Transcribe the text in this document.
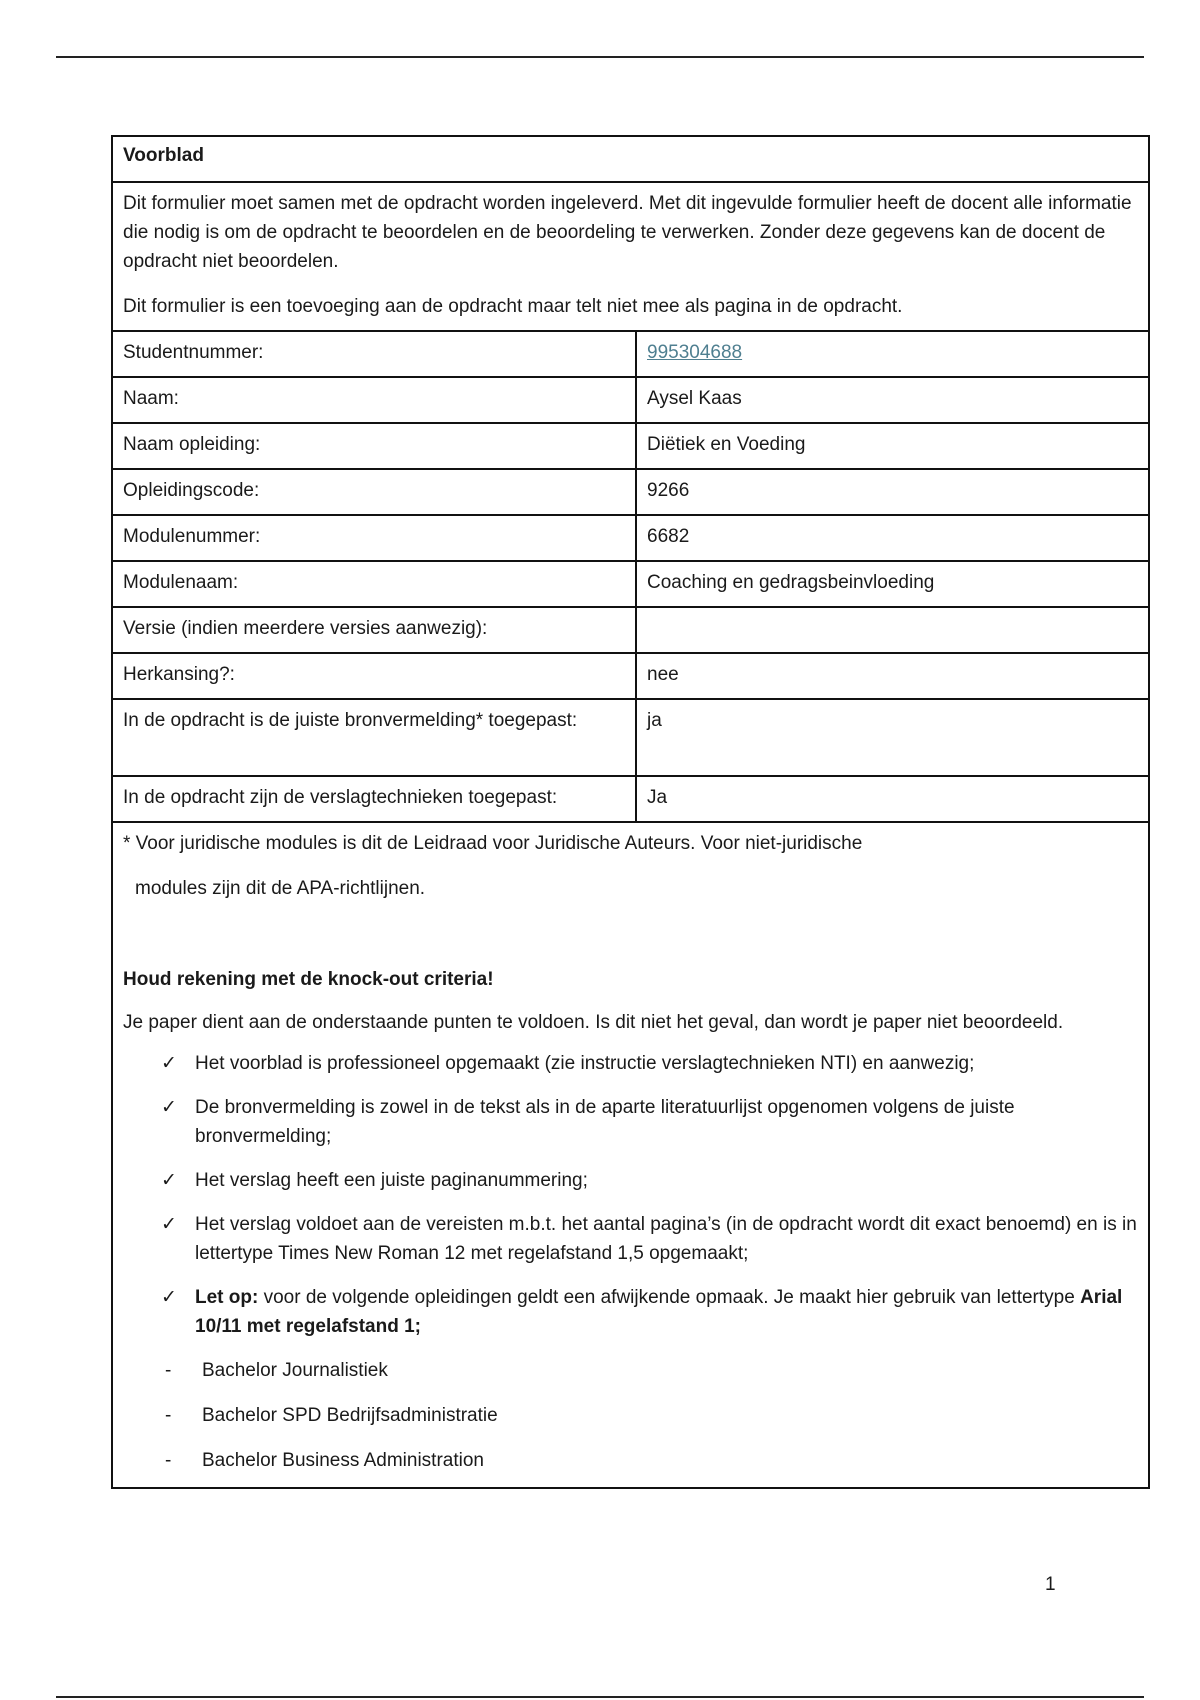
Voorblad

Dit formulier moet samen met de opdracht worden ingeleverd. Met dit ingevulde formulier heeft de docent alle informatie die nodig is om de opdracht te beoordelen en de beoordeling te verwerken. Zonder deze gegevens kan de docent de opdracht niet beoordelen.

Dit formulier is een toevoeging aan de opdracht maar telt niet mee als pagina in de opdracht.

Studentnummer:	995304688
Naam:	Aysel Kaas
Naam opleiding:	Diëtiek en Voeding
Opleidingscode:	9266
Modulenummer:	6682
Modulenaam:	Coaching en gedragsbeinvloeding
Versie (indien meerdere versies aanwezig):
Herkansing?:	nee
In de opdracht is de juiste bronvermelding* toegepast:	ja
In de opdracht zijn de verslagtechnieken toegepast:	Ja

* Voor juridische modules is dit de Leidraad voor Juridische Auteurs. Voor niet-juridische

modules zijn dit de APA-richtlijnen.

Houd rekening met de knock-out criteria!

Je paper dient aan de onderstaande punten te voldoen. Is dit niet het geval, dan wordt je paper niet beoordeeld.

✓ Het voorblad is professioneel opgemaakt (zie instructie verslagtechnieken NTI) en aanwezig;
✓ De bronvermelding is zowel in de tekst als in de aparte literatuurlijst opgenomen volgens de juiste bronvermelding;
✓ Het verslag heeft een juiste paginanummering;
✓ Het verslag voldoet aan de vereisten m.b.t. het aantal pagina’s (in de opdracht wordt dit exact benoemd) en is in lettertype Times New Roman 12 met regelafstand 1,5 opgemaakt;
✓ Let op: voor de volgende opleidingen geldt een afwijkende opmaak. Je maakt hier gebruik van lettertype Arial 10/11 met regelafstand 1;
- Bachelor Journalistiek
- Bachelor SPD Bedrijfsadministratie
- Bachelor Business Administration
1
